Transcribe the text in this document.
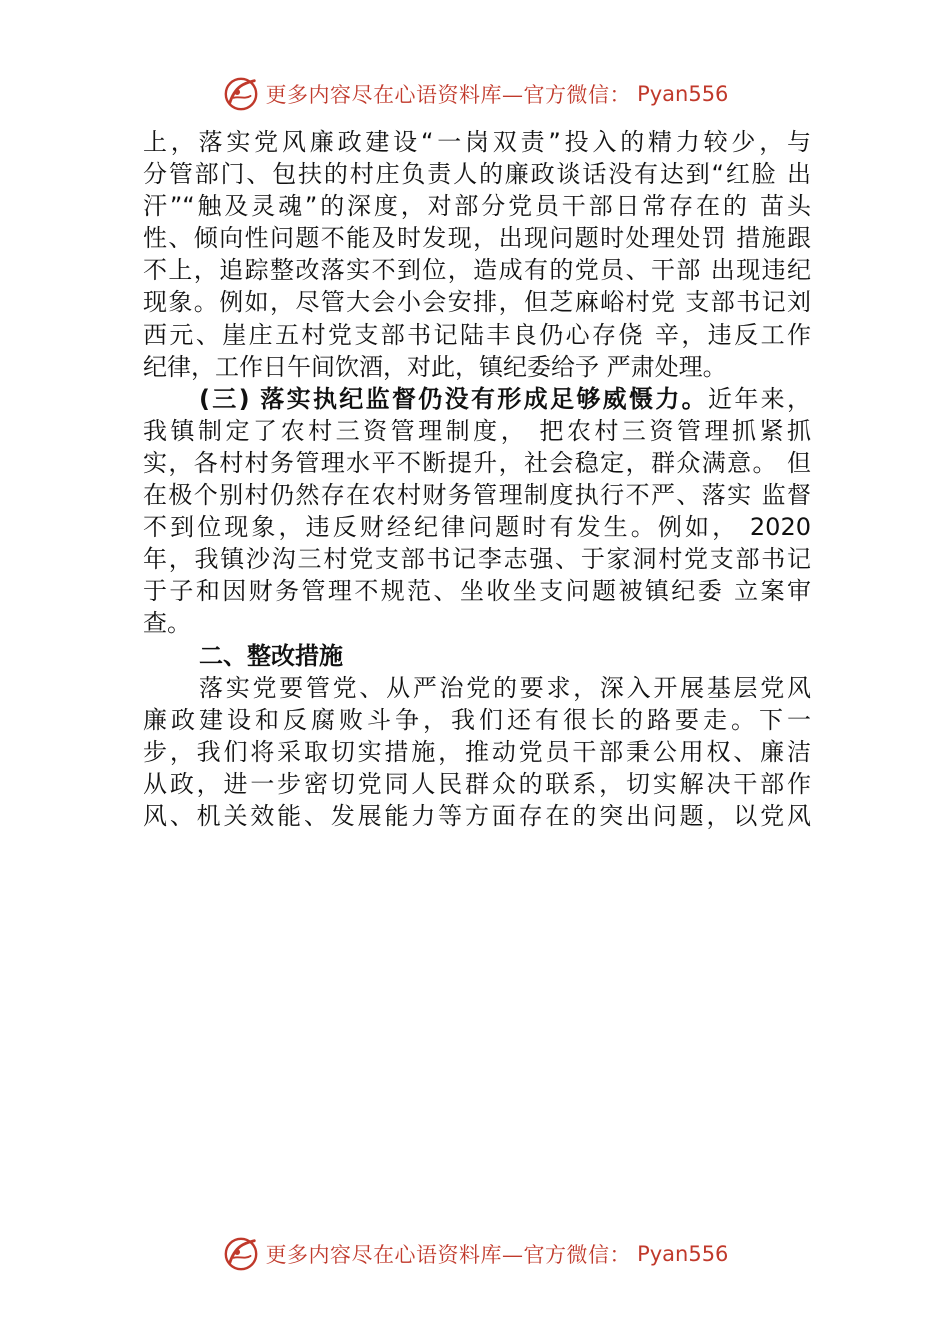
更多内容尽在心语资料库—官方微信： Pyan556
上，落实党风廉政建设“一岗双责”投入的精力较少，与
分管部门、包扶的村庄负责人的廉政谈话没有达到“红脸 出
汗”“触及灵魂”的深度，对部分党员干部日常存在的 苗头
性、倾向性问题不能及时发现，出现问题时处理处罚 措施跟
不上，追踪整改落实不到位，造成有的党员、干部 出现违纪
现象。例如，尽管大会小会安排，但芝麻峪村党 支部书记刘
西元、崖庄五村党支部书记陆丰良仍心存侥 辛，违反工作
纪律，工作日午间饮酒，对此，镇纪委给予 严肃处理。
(三) 落实执纪监督仍没有形成足够威慑力。近年来，
我镇制定了农村三资管理制度， 把农村三资管理抓紧抓
实，各村村务管理水平不断提升，社会稳定，群众满意。 但
在极个别村仍然存在农村财务管理制度执行不严、落实 监督
不到位现象，违反财经纪律问题时有发生。例如， 2020
年，我镇沙沟三村党支部书记李志强、于家洞村党支部书记
于子和因财务管理不规范、坐收坐支问题被镇纪委 立案审
查。
二、整改措施
落实党要管党、从严治党的要求，深入开展基层党风
廉政建设和反腐败斗争，我们还有很长的路要走。下一
步，我们将采取切实措施，推动党员干部秉公用权、廉洁
从政，进一步密切党同人民群众的联系，切实解决干部作
风、机关效能、发展能力等方面存在的突出问题，以党风
更多内容尽在心语资料库—官方微信： Pyan556
